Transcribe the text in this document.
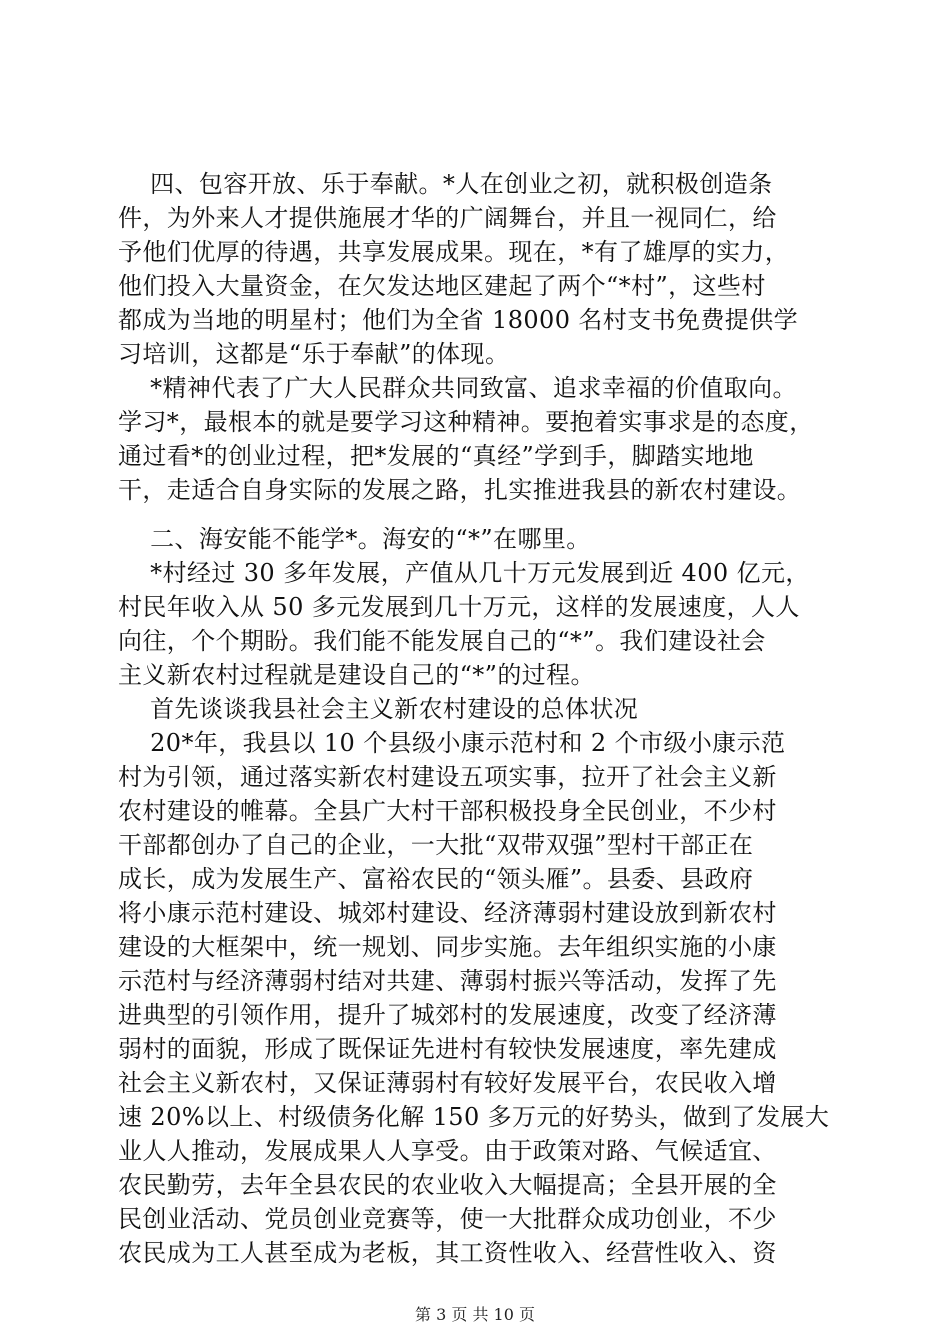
四、包容开放、乐于奉献。*人在创业之初，就积极创造条
件，为外来人才提供施展才华的广阔舞台，并且一视同仁，给
予他们优厚的待遇，共享发展成果。现在，*有了雄厚的实力，
他们投入大量资金，在欠发达地区建起了两个“*村”，这些村
都成为当地的明星村；他们为全省 18000 名村支书免费提供学
习培训，这都是“乐于奉献”的体现。
*精神代表了广大人民群众共同致富、追求幸福的价值取向。
学习*，最根本的就是要学习这种精神。要抱着实事求是的态度，
通过看*的创业过程，把*发展的“真经”学到手，脚踏实地地
干，走适合自身实际的发展之路，扎实推进我县的新农村建设。
二、海安能不能学*。海安的“*”在哪里。
*村经过 30 多年发展，产值从几十万元发展到近 400 亿元，
村民年收入从 50 多元发展到几十万元，这样的发展速度，人人
向往，个个期盼。我们能不能发展自己的“*”。我们建设社会
主义新农村过程就是建设自己的“*”的过程。
首先谈谈我县社会主义新农村建设的总体状况
20*年，我县以 10 个县级小康示范村和 2 个市级小康示范
村为引领，通过落实新农村建设五项实事，拉开了社会主义新
农村建设的帷幕。全县广大村干部积极投身全民创业，不少村
干部都创办了自己的企业，一大批“双带双强”型村干部正在
成长，成为发展生产、富裕农民的“领头雁”。县委、县政府
将小康示范村建设、城郊村建设、经济薄弱村建设放到新农村
建设的大框架中，统一规划、同步实施。去年组织实施的小康
示范村与经济薄弱村结对共建、薄弱村振兴等活动，发挥了先
进典型的引领作用，提升了城郊村的发展速度，改变了经济薄
弱村的面貌，形成了既保证先进村有较快发展速度，率先建成
社会主义新农村，又保证薄弱村有较好发展平台，农民收入增
速 20%以上、村级债务化解 150 多万元的好势头，做到了发展大
业人人推动，发展成果人人享受。由于政策对路、气候适宜、
农民勤劳，去年全县农民的农业收入大幅提高；全县开展的全
民创业活动、党员创业竞赛等，使一大批群众成功创业，不少
农民成为工人甚至成为老板，其工资性收入、经营性收入、资
第 3 页 共 10 页
